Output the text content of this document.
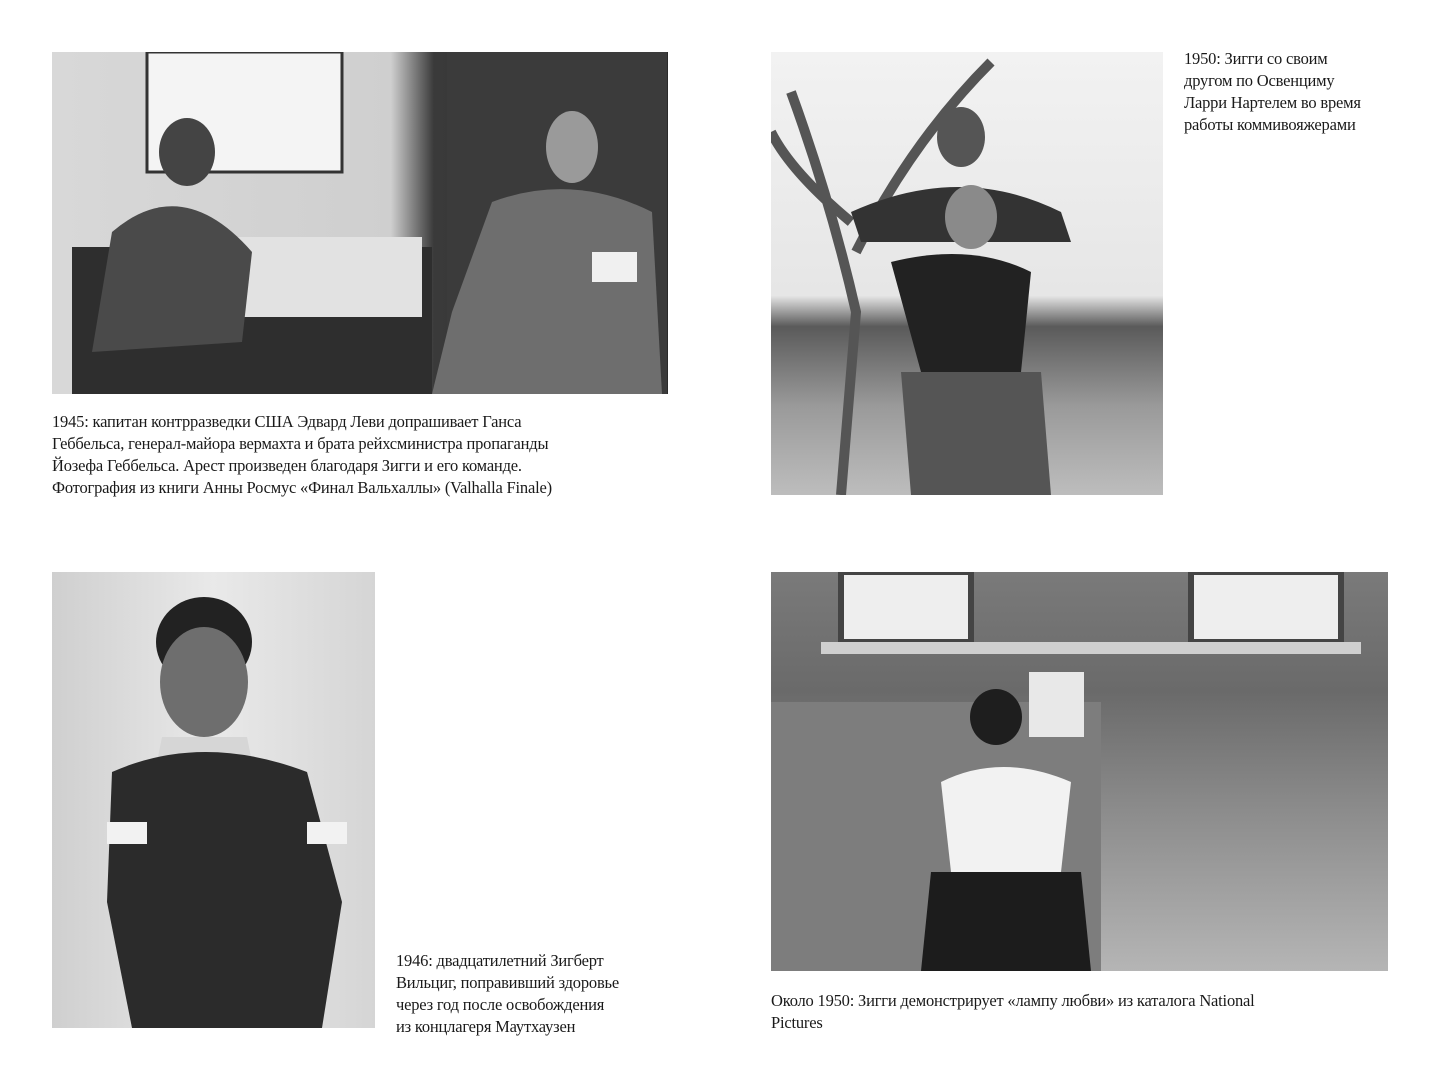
1945: капитан контрразведки США Эдвард Леви допрашивает Ганса
Геббельса, генерал-майора вермахта и брата рейхсминистра пропаганды
Йозефа Геббельса. Арест произведен благодаря Зигги и его команде.
Фотография из книги Анны Росмус «Финал Вальхаллы» (Valhalla Finale)
1950: Зигги со своим
другом по Освенциму
Ларри Нартелем во время
работы коммивояжерами
1946: двадцатилетний Зигберт
Вильциг, поправивший здоровье
через год после освобождения
из концлагеря Маутхаузен
Около 1950: Зигги демонстрирует «лампу любви» из каталога National
Pictures
